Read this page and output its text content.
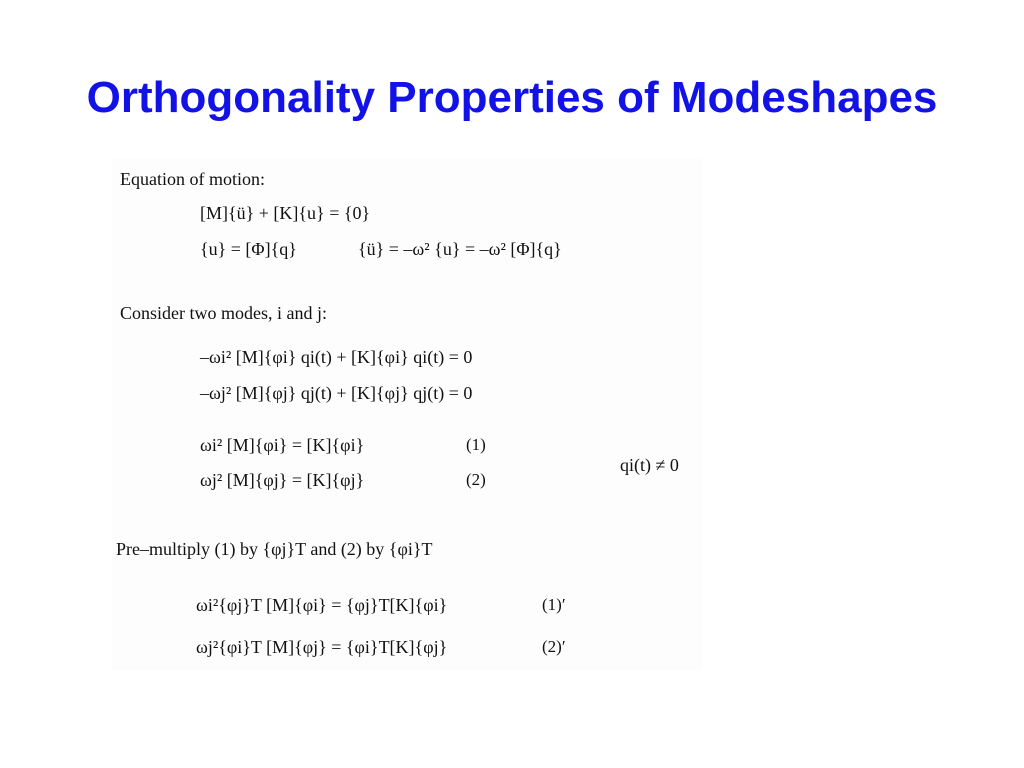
Orthogonality Properties of Modeshapes
Equation of motion:
[M]{ü} + [K]{u} = {0}
{u} = [Φ]{q}	{ü} = –ω² {u} = –ω² [Φ]{q}
Consider two modes, i and j:
–ωi² [M]{φi} qi(t) + [K]{φi} qi(t) = 0
–ωj² [M]{φj} qj(t) + [K]{φj} qj(t) = 0
ωi² [M]{φi} = [K]{φi}	(1)
ωj² [M]{φj} = [K]{φj}	(2)
qi(t) ≠ 0
Pre–multiply (1) by {φj}T and (2) by {φi}T
ωi²{φj}T [M]{φi} = {φj}T[K]{φi}	(1)′
ωj²{φi}T [M]{φj} = {φi}T[K]{φj}	(2)′
